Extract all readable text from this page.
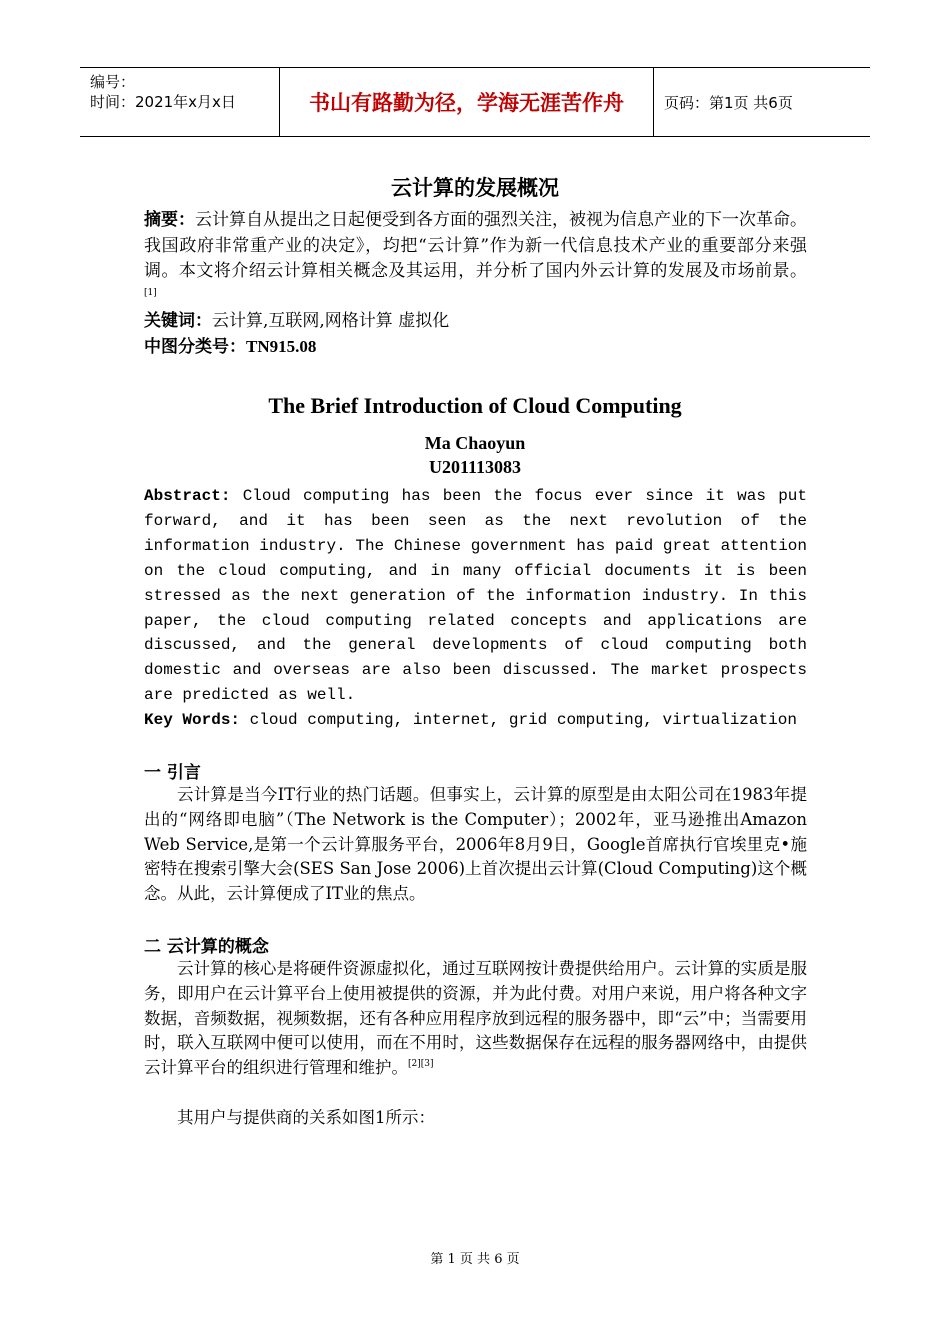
编号：
时间：2021年x月x日	书山有路勤为径，学海无涯苦作舟	页码：第1页 共6页
云计算的发展概况
摘要：云计算自从提出之日起便受到各方面的强烈关注，被视为信息产业的下一次革命。我国政府非常重产业的决定》，均把“云计算”作为新一代信息技术产业的重要部分来强调。本文将介绍云计算相关概念及其运用，并分析了国内外云计算的发展及市场前景。 [1]
关键词：云计算,互联网,网格计算 虚拟化
中图分类号：TN915.08
The Brief Introduction of Cloud Computing
Ma Chaoyun
U201113083
Abstract: Cloud computing has been the focus ever since it was put forward, and it has been seen as the next revolution of the information industry. The Chinese government has paid great attention on the cloud computing, and in many official documents it is been stressed as the next generation of the information industry. In this paper, the cloud computing related concepts and applications are discussed, and the general developments of cloud computing both domestic and overseas are also been discussed. The market prospects are predicted as well.
Key Words: cloud computing, internet, grid computing, virtualization
一 引言
云计算是当今IT行业的热门话题。但事实上，云计算的原型是由太阳公司在1983年提出的“网络即电脑”（The Network is the Computer）；2002年，亚马逊推出Amazon Web Service,是第一个云计算服务平台，2006年8月9日，Google首席执行官埃里克•施密特在搜索引擎大会(SES San Jose 2006)上首次提出云计算(Cloud Computing)这个概念。从此，云计算便成了IT业的焦点。
二 云计算的概念
云计算的核心是将硬件资源虚拟化，通过互联网按计费提供给用户。云计算的实质是服务，即用户在云计算平台上使用被提供的资源，并为此付费。对用户来说，用户将各种文字数据，音频数据，视频数据，还有各种应用程序放到远程的服务器中，即“云”中；当需要用时，联入互联网中便可以使用，而在不用时，这些数据保存在远程的服务器网络中，由提供云计算平台的组织进行管理和维护。[2][3]
其用户与提供商的关系如图1所示：
第 1 页 共 6 页
